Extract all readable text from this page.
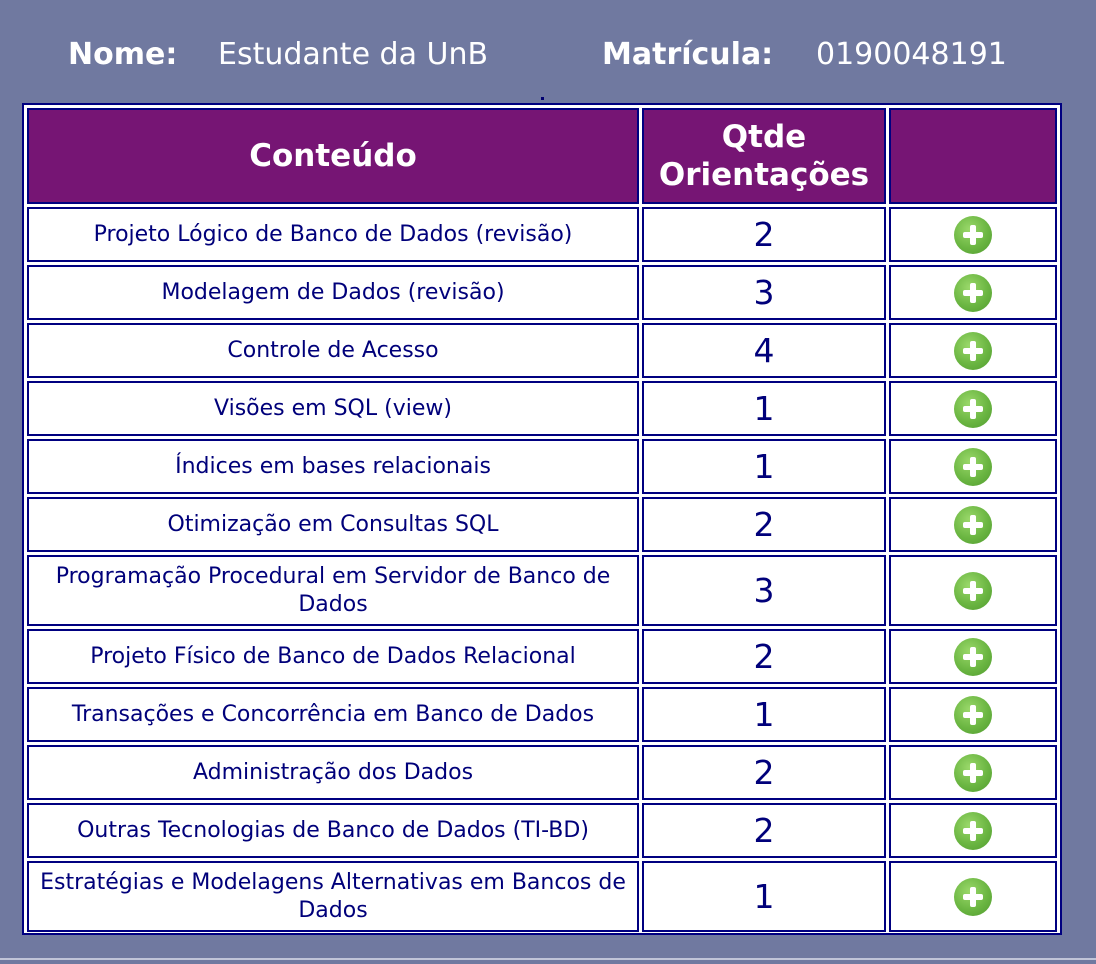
Nome: Estudante da UnB	Matrícula: 0190048191
Conteúdo	Qtde
Orientações	
Projeto Lógico de Banco de Dados (revisão)	2	
Modelagem de Dados (revisão)	3	
Controle de Acesso	4	
Visões em SQL (view)	1	
Índices em bases relacionais	1	
Otimização em Consultas SQL	2	
Programação Procedural em Servidor de Banco de Dados	3	
Projeto Físico de Banco de Dados Relacional	2	
Transações e Concorrência em Banco de Dados	1	
Administração dos Dados	2	
Outras Tecnologias de Banco de Dados (TI-BD)	2	
Estratégias e Modelagens Alternativas em Bancos de Dados	1	
